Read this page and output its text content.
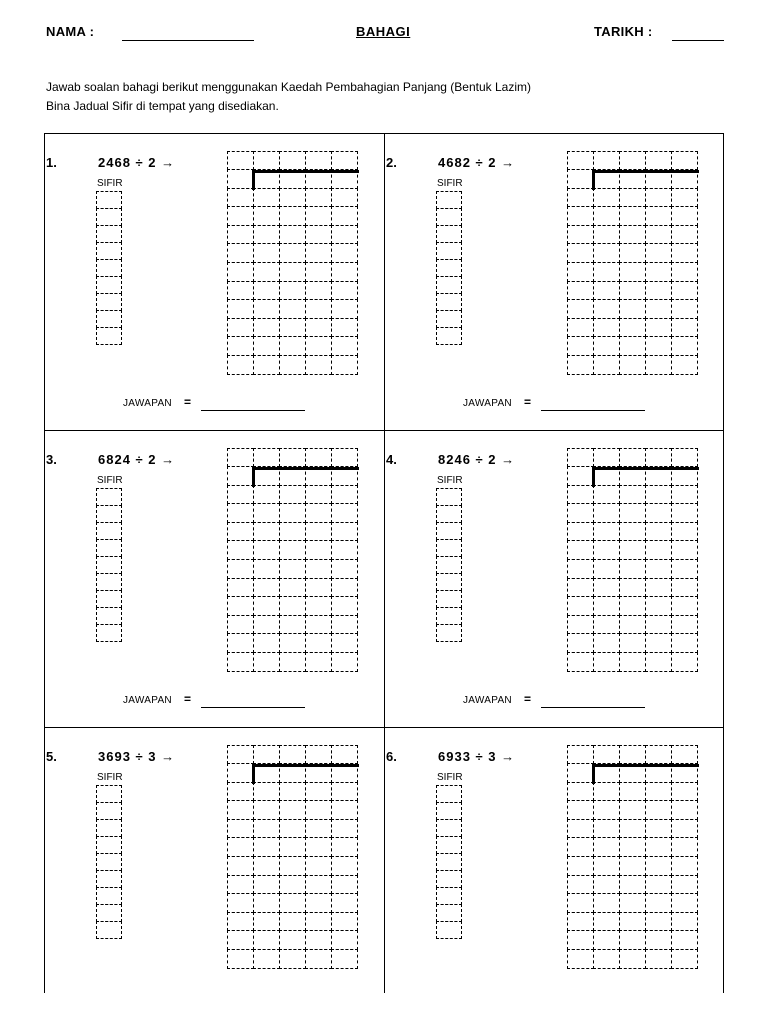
NAMA :	BAHAGI	TARIKH :
Jawab soalan bahagi berikut menggunakan Kaedah Pembahagian Panjang (Bentuk Lazim)
Bina Jadual Sifir di tempat yang disediakan.
1.	2468 ÷ 2 →
SIFIR
JAWAPAN =
2.	4682 ÷ 2 →
SIFIR
JAWAPAN =
3.	6824 ÷ 2 →
SIFIR
JAWAPAN =
4.	8246 ÷ 2 →
SIFIR
JAWAPAN =
5.	3693 ÷ 3 →
SIFIR
6.	6933 ÷ 3 →
SIFIR
